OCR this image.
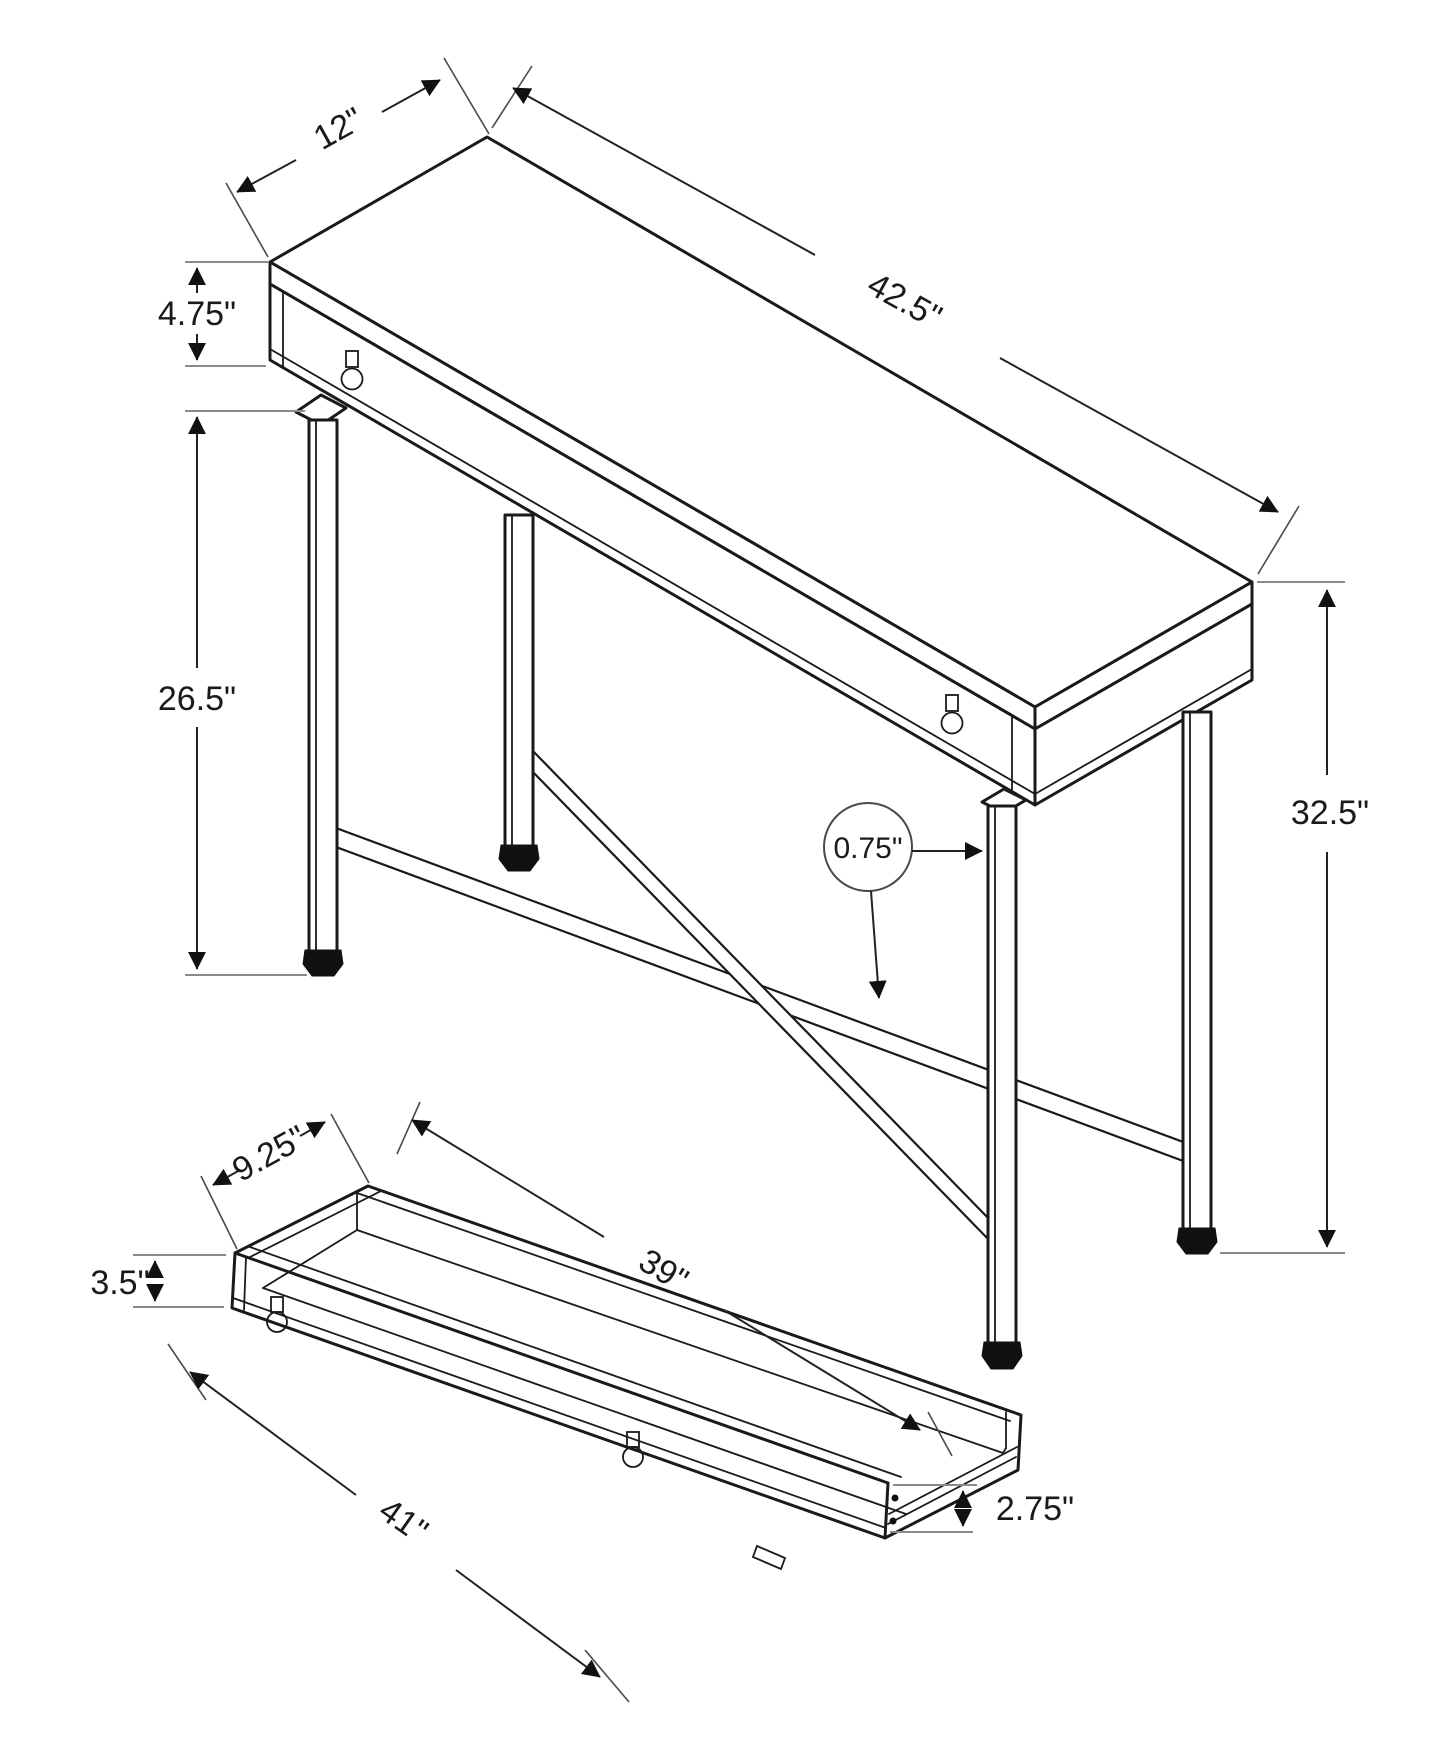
12"
42.5"
4.75"
26.5"
32.5"
0.75"
9.25"
39"
3.5"
41"	2.75"
